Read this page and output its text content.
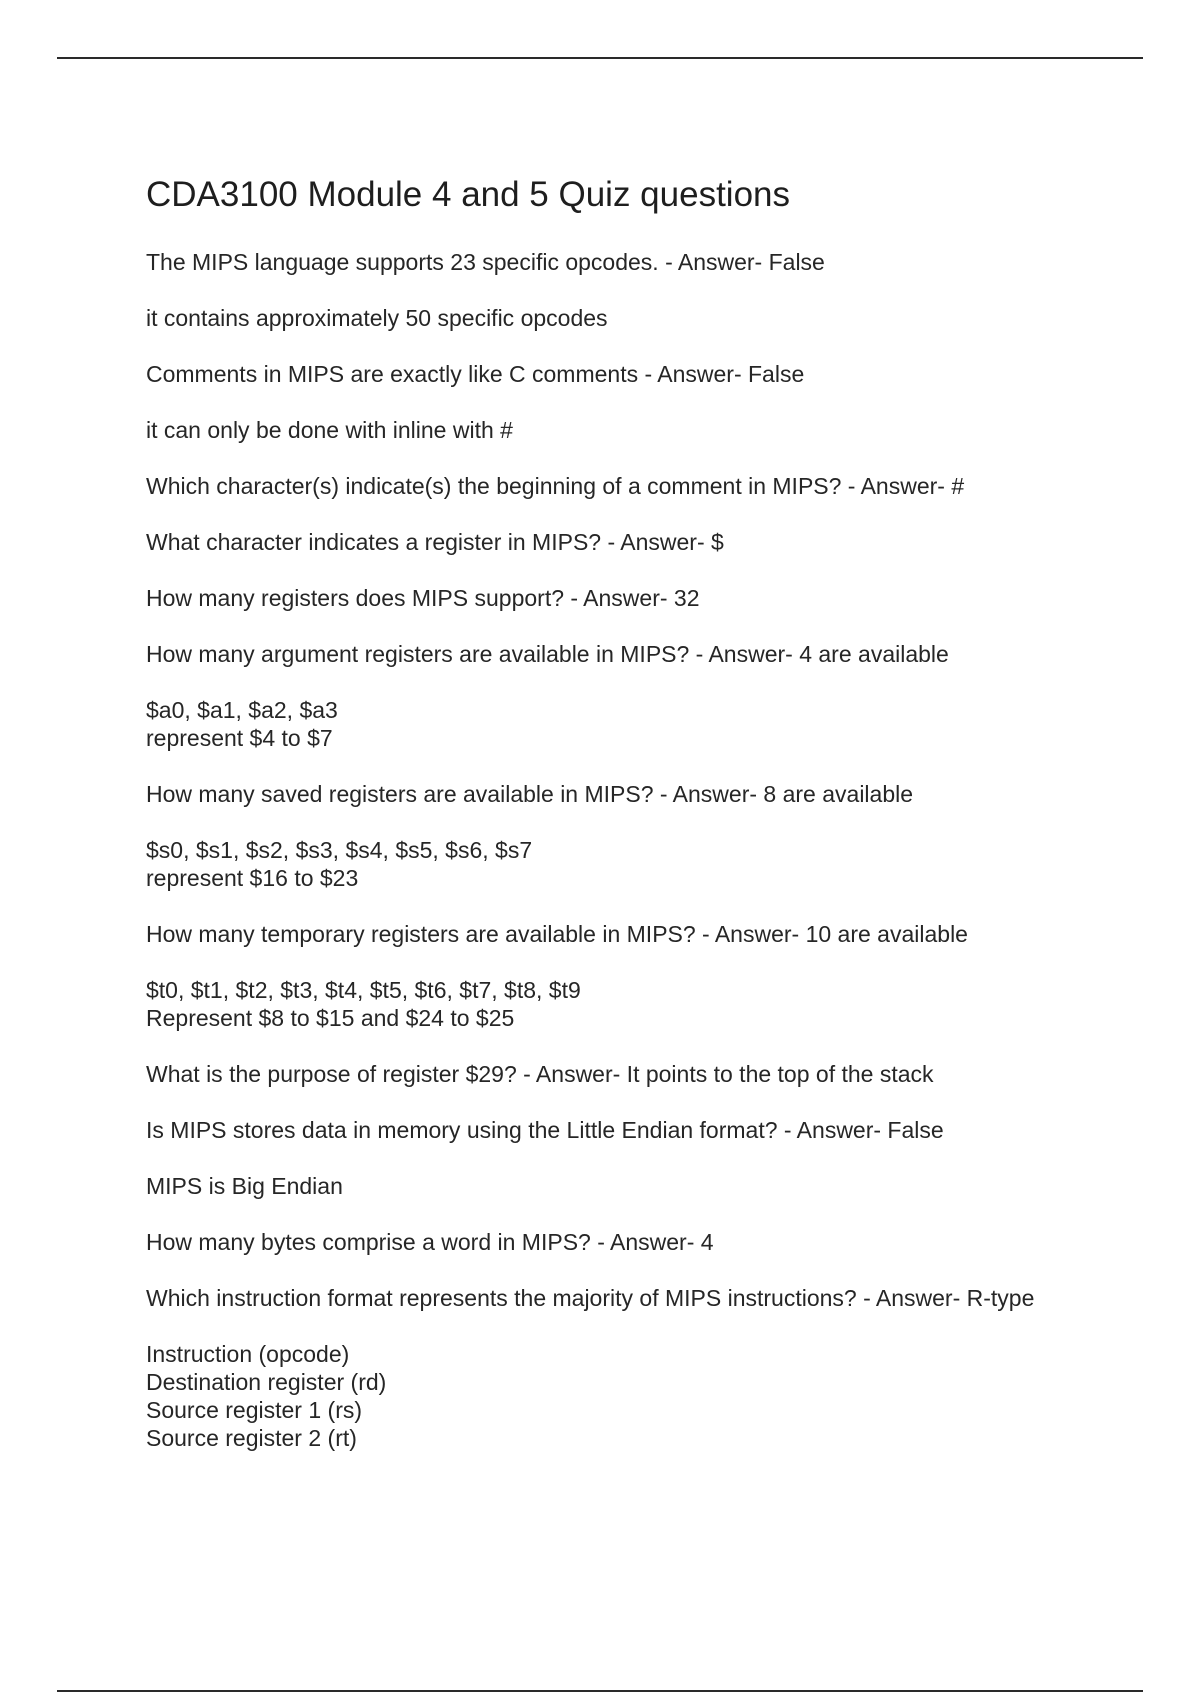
CDA3100 Module 4 and 5 Quiz questions
The MIPS language supports 23 specific opcodes. - Answer- False
it contains approximately 50 specific opcodes
Comments in MIPS are exactly like C comments - Answer- False
it can only be done with inline with #
Which character(s) indicate(s) the beginning of a comment in MIPS? - Answer- #
What character indicates a register in MIPS? - Answer- $
How many registers does MIPS support? - Answer- 32
How many argument registers are available in MIPS? - Answer- 4 are available
$a0, $a1, $a2, $a3
represent $4 to $7
How many saved registers are available in MIPS? - Answer- 8 are available
$s0, $s1, $s2, $s3, $s4, $s5, $s6, $s7
represent $16 to $23
How many temporary registers are available in MIPS? - Answer- 10 are available
$t0, $t1, $t2, $t3, $t4, $t5, $t6, $t7, $t8, $t9
Represent $8 to $15 and $24 to $25
What is the purpose of register $29? - Answer- It points to the top of the stack
Is MIPS stores data in memory using the Little Endian format? - Answer- False
MIPS is Big Endian
How many bytes comprise a word in MIPS? - Answer- 4
Which instruction format represents the majority of MIPS instructions? - Answer- R-type
Instruction (opcode)
Destination register (rd)
Source register 1 (rs)
Source register 2 (rt)
